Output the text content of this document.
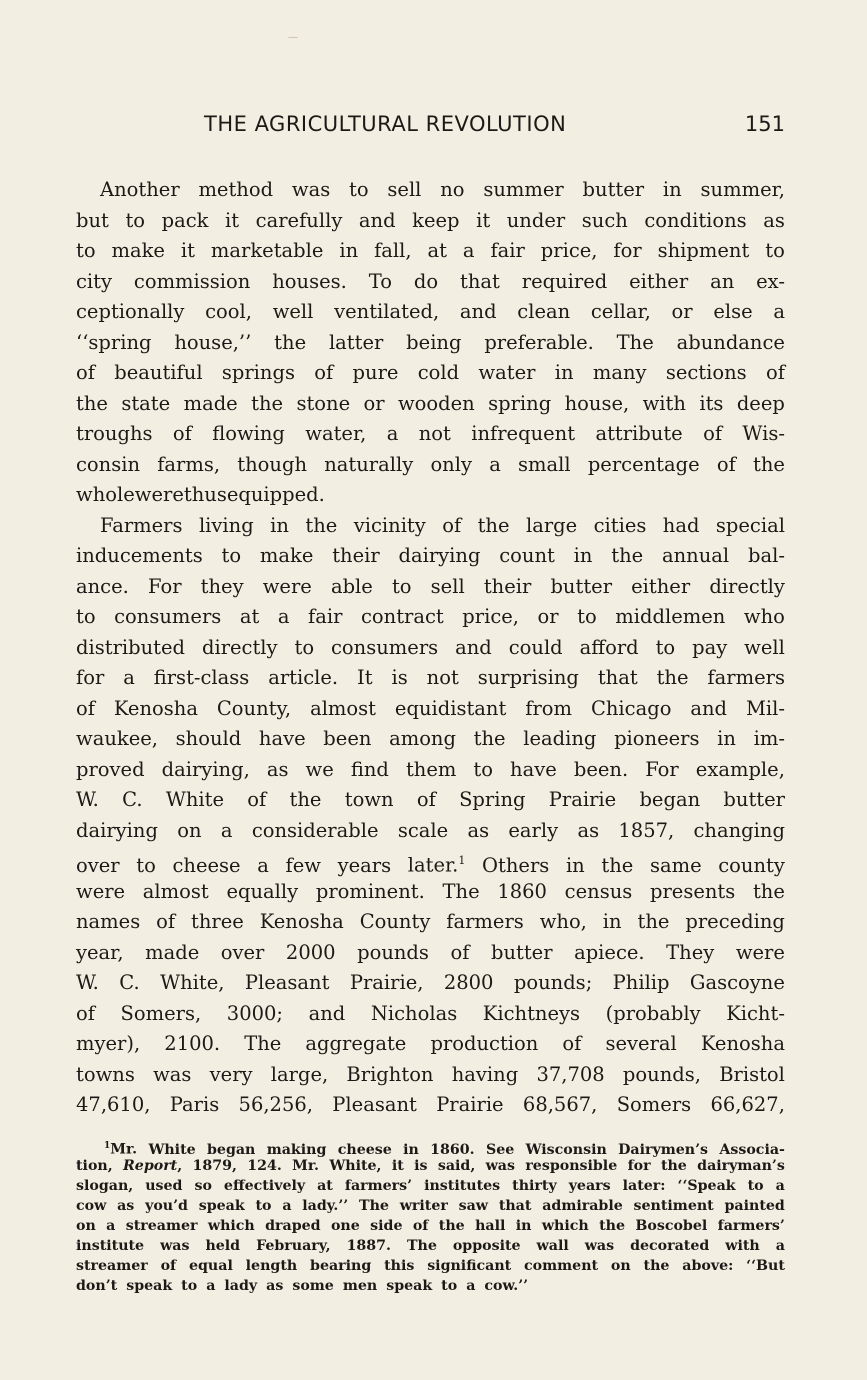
—
THE AGRICULTURAL REVOLUTION	151
Another method was to sell no summer butter in summer,
but to pack it carefully and keep it under such conditions as
to make it marketable in fall, at a fair price, for shipment to
city commission houses. To do that required either an ex-
ceptionally cool, well ventilated, and clean cellar, or else a
‘‘spring house,’’ the latter being preferable. The abundance
of beautiful springs of pure cold water in many sections of
the state made the stone or wooden spring house, with its deep
troughs of flowing water, a not infrequent attribute of Wis-
consin farms, though naturally only a small percentage of the
whole were thus equipped.
Farmers living in the vicinity of the large cities had special
inducements to make their dairying count in the annual bal-
ance. For they were able to sell their butter either directly
to consumers at a fair contract price, or to middlemen who
distributed directly to consumers and could afford to pay well
for a first-class article. It is not surprising that the farmers
of Kenosha County, almost equidistant from Chicago and Mil-
waukee, should have been among the leading pioneers in im-
proved dairying, as we find them to have been. For example,
W. C. White of the town of Spring Prairie began butter
dairying on a considerable scale as early as 1857, changing
over to cheese a few years later.1 Others in the same county
were almost equally prominent. The 1860 census presents the
names of three Kenosha County farmers who, in the preceding
year, made over 2000 pounds of butter apiece. They were
W. C. White, Pleasant Prairie, 2800 pounds; Philip Gascoyne
of Somers, 3000; and Nicholas Kichtneys (probably Kicht-
myer), 2100. The aggregate production of several Kenosha
towns was very large, Brighton having 37,708 pounds, Bristol
47,610, Paris 56,256, Pleasant Prairie 68,567, Somers 66,627,
$^1$Mr. White began making cheese in 1860. See Wisconsin Dairymen’s Associa-
tion, Report, 1879, 124. Mr. White, it is said, was responsible for the dairyman’s
slogan, used so effectively at farmers’ institutes thirty years later: ‘‘Speak to a
cow as you’d speak to a lady.’’ The writer saw that admirable sentiment painted
on a streamer which draped one side of the hall in which the Boscobel farmers’
institute was held February, 1887. The opposite wall was decorated with a
streamer of equal length bearing this significant comment on the above: ‘‘But
don’t speak to a lady as some men speak to a cow.’’
